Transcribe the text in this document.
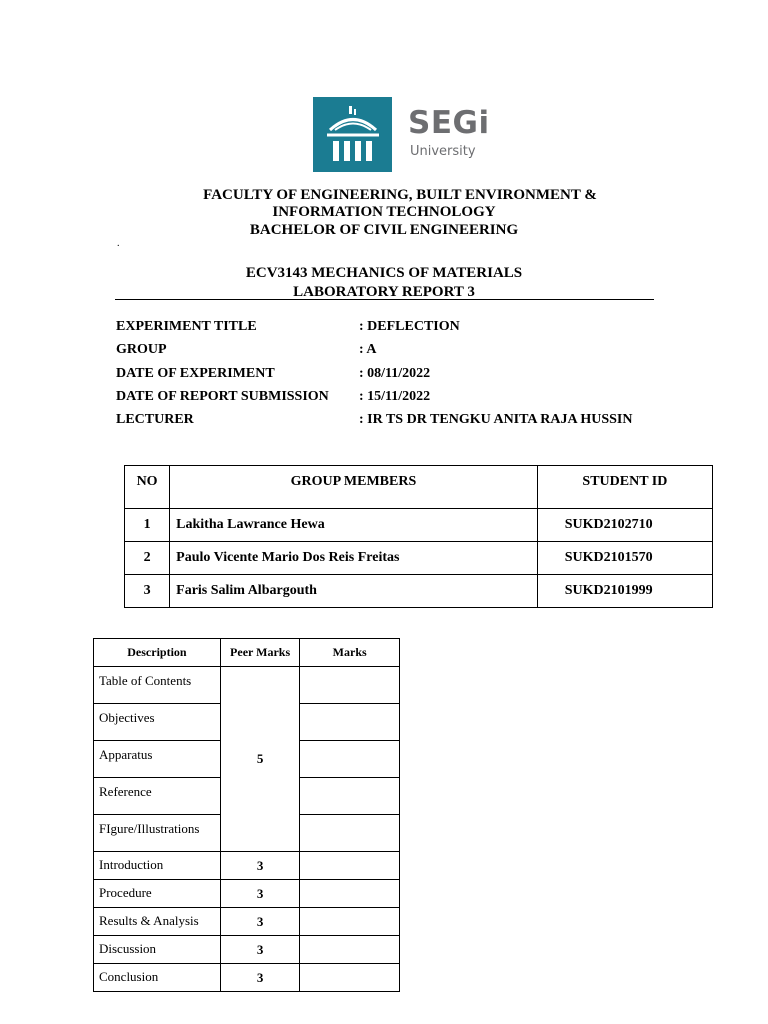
SEGi
University
FACULTY OF ENGINEERING, BUILT ENVIRONMENT &
INFORMATION TECHNOLOGY
BACHELOR OF CIVIL ENGINEERING
.
ECV3143 MECHANICS OF MATERIALS
LABORATORY REPORT 3
EXPERIMENT TITLE	: DEFLECTION
GROUP	: A
DATE OF EXPERIMENT	: 08/11/2022
DATE OF REPORT SUBMISSION : 15/11/2022
LECTURER	: IR TS DR TENGKU ANITA RAJA HUSSIN
NO	GROUP MEMBERS	STUDENT ID
1	Lakitha Lawrance Hewa	SUKD2102710
2	Paulo Vicente Mario Dos Reis Freitas	SUKD2101570
3	Faris Salim Albargouth	SUKD2101999
Description	Peer Marks	Marks
Table of Contents	5	
Objectives		
Apparatus		
Reference		
FIgure/Illustrations		
Introduction	3	
Procedure	3	
Results & Analysis	3	
Discussion	3	
Conclusion	3	
